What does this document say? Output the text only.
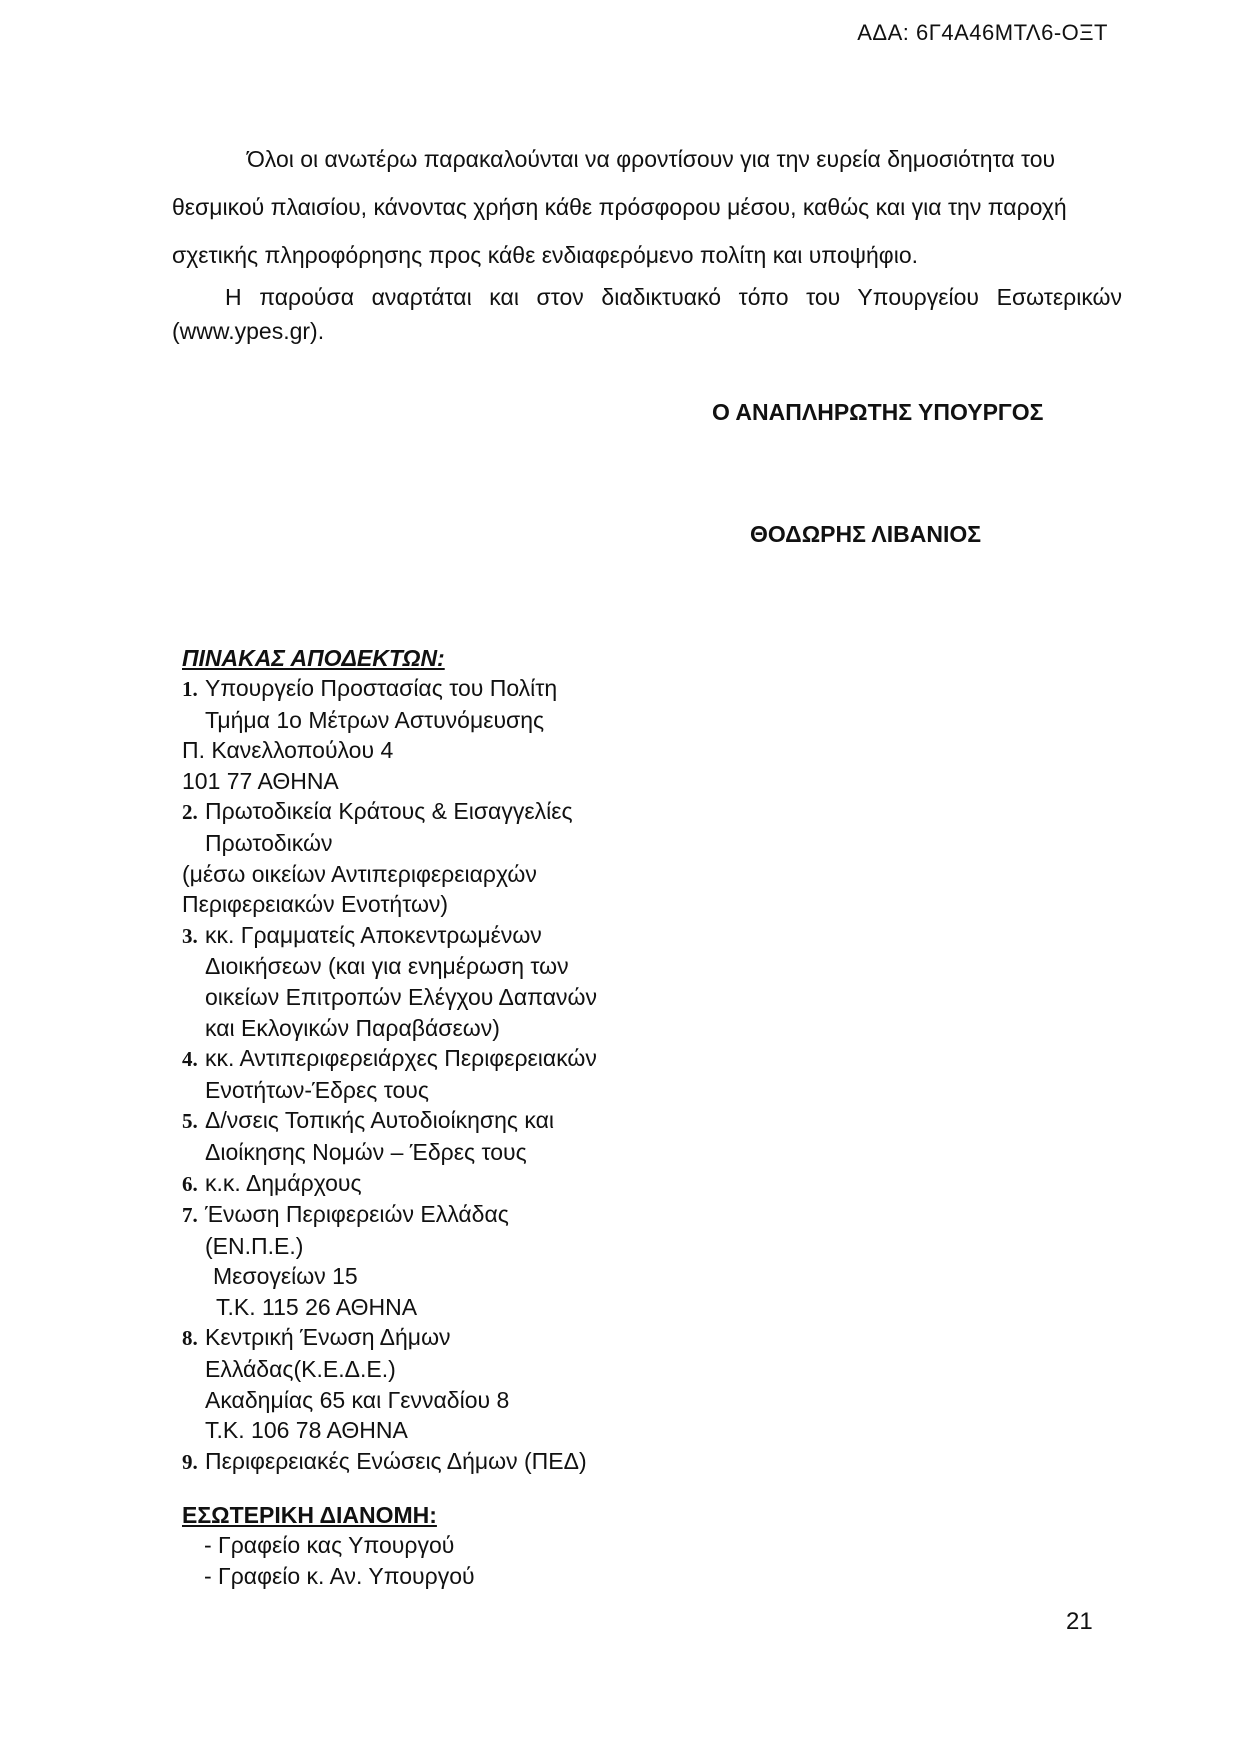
ΑΔΑ: 6Γ4Α46ΜΤΛ6-ΟΞΤ

Όλοι οι ανωτέρω παρακαλούνται να φροντίσουν για την ευρεία δημοσιότητα του θεσμικού πλαισίου, κάνοντας χρήση κάθε πρόσφορου μέσου, καθώς και για την παροχή σχετικής πληροφόρησης προς κάθε ενδιαφερόμενο πολίτη και υποψήφιο.

Η παρούσα αναρτάται και στον διαδικτυακό τόπο του Υπουργείου Εσωτερικών (www.ypes.gr).

Ο ΑΝΑΠΛΗΡΩΤΗΣ ΥΠΟΥΡΓΟΣ
ΘΟΔΩΡΗΣ ΛΙΒΑΝΙΟΣ
ΠΙΝΑΚΑΣ ΑΠΟΔΕΚΤΩΝ:
1. Υπουργείο Προστασίας του Πολίτη
Τμήμα 1ο Μέτρων Αστυνόμευσης
Π. Κανελλοπούλου 4
101 77 ΑΘΗΝΑ
2. Πρωτοδικεία Κράτους & Εισαγγελίες
Πρωτοδικών
(μέσω οικείων Αντιπεριφερειαρχών
Περιφερειακών Ενοτήτων)
3. κκ. Γραμματείς Αποκεντρωμένων
Διοικήσεων (και για ενημέρωση των
οικείων Επιτροπών Ελέγχου Δαπανών
και Εκλογικών Παραβάσεων)
4. κκ. Αντιπεριφερειάρχες Περιφερειακών
Ενοτήτων-Έδρες τους
5. Δ/νσεις Τοπικής Αυτοδιοίκησης και
Διοίκησης Νομών – Έδρες τους
6. κ.κ. Δημάρχους
7. Ένωση Περιφερειών Ελλάδας
(ΕΝ.Π.Ε.)
Μεσογείων 15
Τ.Κ. 115 26 ΑΘΗΝΑ
8. Κεντρική Ένωση Δήμων
Ελλάδας(Κ.Ε.Δ.Ε.)
Ακαδημίας 65 και Γενναδίου 8
Τ.Κ. 106 78 ΑΘΗΝΑ
9. Περιφερειακές Ενώσεις Δήμων (ΠΕΔ)
ΕΣΩΤΕΡΙΚΗ ΔΙΑΝΟΜΗ:
- Γραφείο κας Υπουργού
- Γραφείο κ. Αν. Υπουργού
21
